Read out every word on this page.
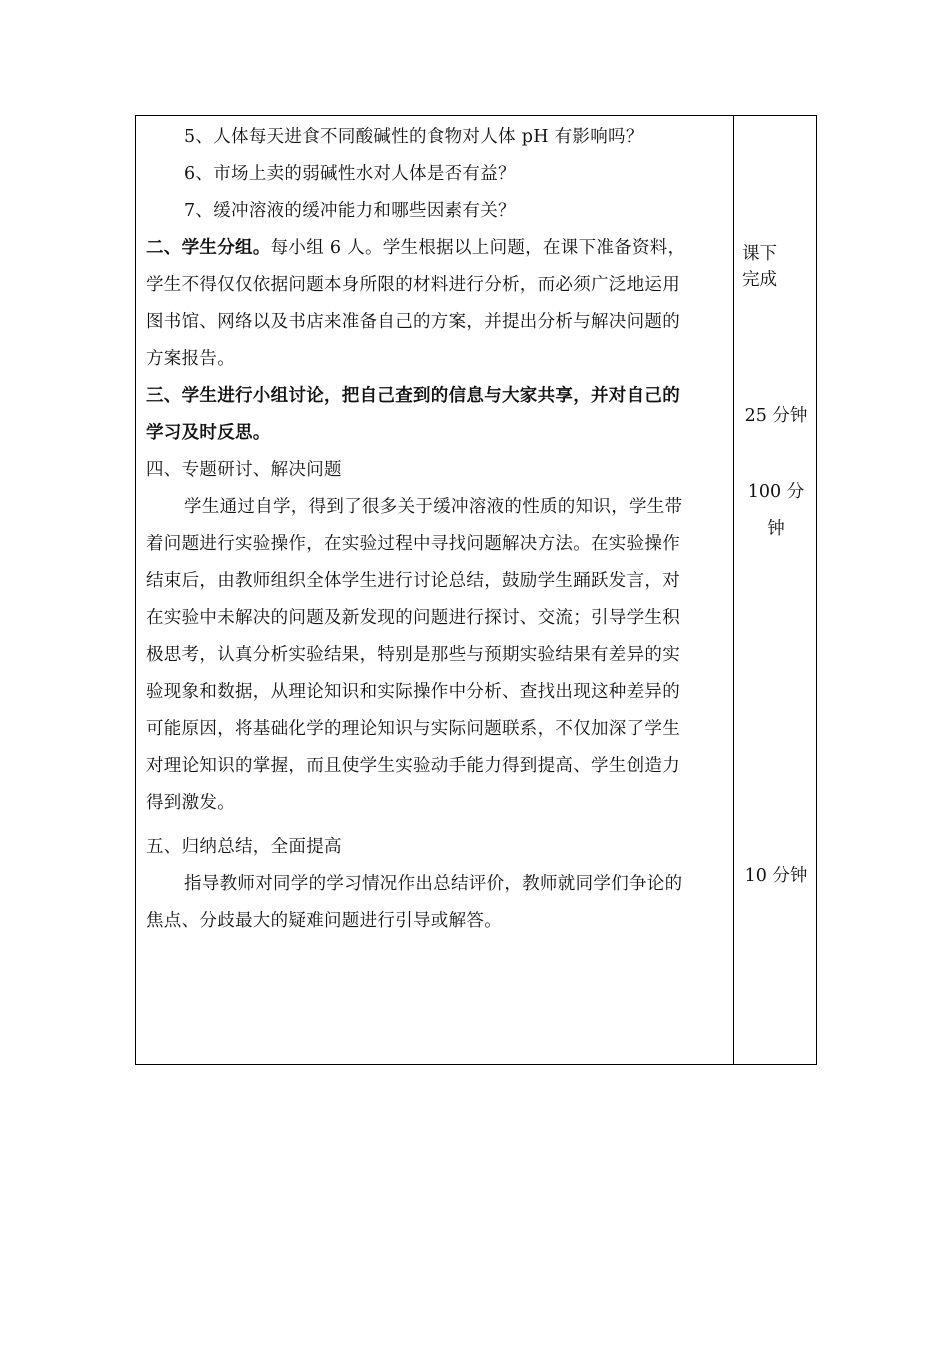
5、人体每天进食不同酸碱性的食物对人体 pH 有影响吗？
6、市场上卖的弱碱性水对人体是否有益？
7、缓冲溶液的缓冲能力和哪些因素有关？
二、学生分组。每小组 6 人。学生根据以上问题，在课下准备资料，
学生不得仅仅依据问题本身所限的材料进行分析，而必须广泛地运用
图书馆、网络以及书店来准备自己的方案，并提出分析与解决问题的
方案报告。
三、学生进行小组讨论，把自己查到的信息与大家共享，并对自己的
学习及时反思。
四、专题研讨、解决问题
学生通过自学，得到了很多关于缓冲溶液的性质的知识，学生带
着问题进行实验操作，在实验过程中寻找问题解决方法。在实验操作
结束后，由教师组织全体学生进行讨论总结，鼓励学生踊跃发言，对
在实验中未解决的问题及新发现的问题进行探讨、交流；引导学生积
极思考，认真分析实验结果，特别是那些与预期实验结果有差异的实
验现象和数据，从理论知识和实际操作中分析、查找出现这种差异的
可能原因，将基础化学的理论知识与实际问题联系，不仅加深了学生
对理论知识的掌握，而且使学生实验动手能力得到提高、学生创造力
得到激发。
五、归纳总结，全面提高
指导教师对同学的学习情况作出总结评价，教师就同学们争论的
焦点、分歧最大的疑难问题进行引导或解答。
课下
完成
25 分钟
100 分
钟
10 分钟
